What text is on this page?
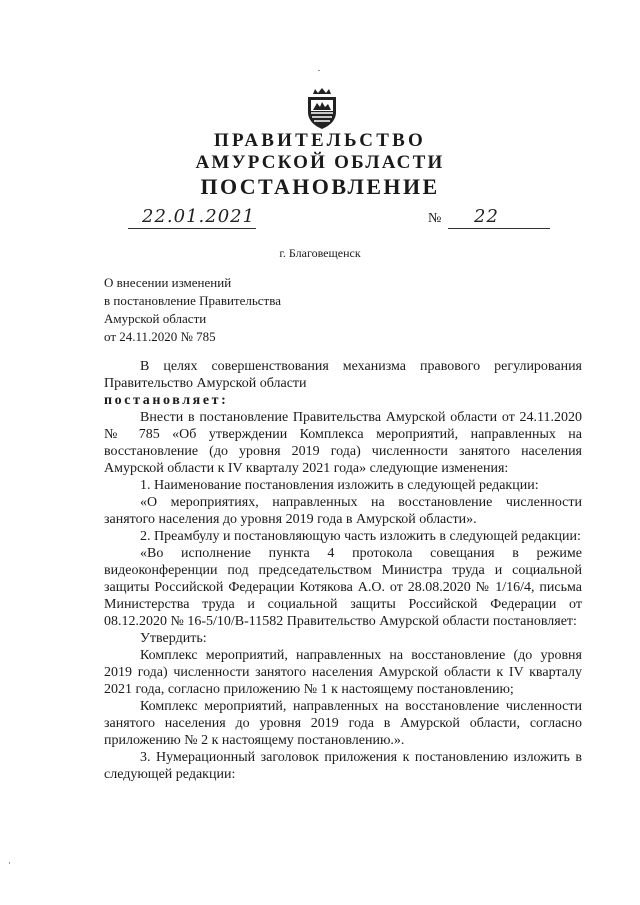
ПРАВИТЕЛЬСТВО
АМУРСКОЙ ОБЛАСТИ
ПОСТАНОВЛЕНИЕ
22.01.2021	№ 22
г. Благовещенск
О внесении изменений
в постановление Правительства
Амурской области
от 24.11.2020 № 785

В целях совершенствования механизма правового регулирования Правительство Амурской области

постановляет:

Внести в постановление Правительства Амурской области от 24.11.2020 № 785 «Об утверждении Комплекса мероприятий, направленных на восстановление (до уровня 2019 года) численности занятого населения Амурской области к IV кварталу 2021 года» следующие изменения:

1. Наименование постановления изложить в следующей редакции:

«О мероприятиях, направленных на восстановление численности занятого населения до уровня 2019 года в Амурской области».

2. Преамбулу и постановляющую часть изложить в следующей редакции:

«Во исполнение пункта 4 протокола совещания в режиме видеоконференции под председательством Министра труда и социальной защиты Российской Федерации Котякова А.О. от 28.08.2020 № 1/16/4, письма Министерства труда и социальной защиты Российской Федерации от 08.12.2020 № 16-5/10/В-11582 Правительство Амурской области постановляет:

Утвердить:

Комплекс мероприятий, направленных на восстановление (до уровня 2019 года) численности занятого населения Амурской области к IV кварталу 2021 года, согласно приложению № 1 к настоящему постановлению;

Комплекс мероприятий, направленных на восстановление численности занятого населения до уровня 2019 года в Амурской области, согласно приложению № 2 к настоящему постановлению.».

3. Нумерационный заголовок приложения к постановлению изложить в следующей редакции:
